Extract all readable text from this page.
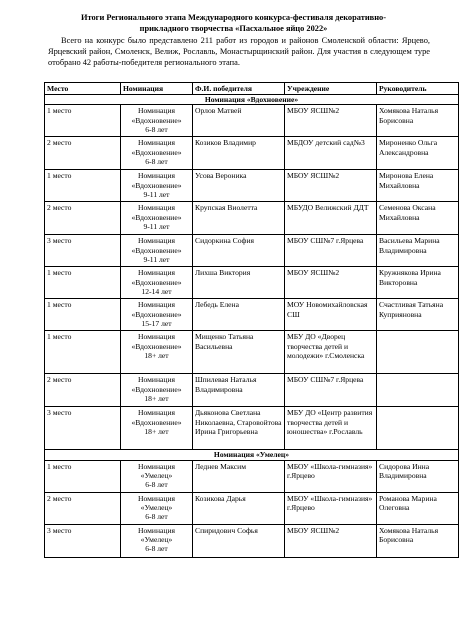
Итоги Регионального этапа Международного конкурса-фестиваля декоративно-
прикладного творчества «Пасхальное яйцо 2022»
Всего на конкурс было представлено 211 работ из городов и районов Смоленской области: Ярцево, Ярцевский район, Смоленск, Велиж, Рославль, Монастырщинский район. Для участия в следующем туре отобрано 42 работы-победителя регионального этапа.
Место	Номинация	Ф.И. победителя	Учреждение	Руководитель
Номинация «Вдохновение»				
1 место	Номинация
«Вдохновение»
6-8 лет	Орлов Матвей	МБОУ ЯСШ№2	Хомякова Наталья Борисовна
2 место	Номинация
«Вдохновение»
6-8 лет	Козиков Владимир	МБДОУ детский сад№3	Мироненко Ольга Александровна
1 место	Номинация
«Вдохновение»
9-11 лет	Усова Вероника	МБОУ ЯСШ№2	Миронова Елена Михайловна
2 место	Номинация
«Вдохновение»
9-11 лет	Крупская Виолетта	МБУДО Велижский ДДТ	Семенова Оксана Михайловна
3 место	Номинация
«Вдохновение»
9-11 лет	Сидоркина София	МБОУ СШ№7 г.Ярцева	Васильева Марина Владимировна
1 место	Номинация
«Вдохновение»
12-14 лет	Лихша Виктория	МБОУ ЯСШ№2	Кружнякова Ирина Викторовна
1 место	Номинация
«Вдохновение»
15-17 лет	Лебедь Елена	МОУ Новомихайловская СШ	Счастливая Татьяна Куприяновна
1 место	Номинация
«Вдохновение»
18+ лет	Мищенко Татьяна Васильевна	МБУ ДО «Дворец творчества детей и молодежи» г.Смоленска	
2 место	Номинация
«Вдохновение»
18+ лет	Шпилевая Наталья Владимировна	МБОУ СШ№7 г.Ярцева	
3 место	Номинация
«Вдохновение»
18+ лет	Дьяконова Светлана Николаевна, Старовойтова Ирина Григорьевна	МБУ ДО «Центр развития творчества детей и юношества» г.Рославль	
Номинация «Умелец»				
1 место	Номинация
«Умелец»
6-8 лет	Леднев Максим	МБОУ «Школа-гимназия» г.Ярцево	Сидорова Инна Владимировна
2 место	Номинация
«Умелец»
6-8 лет	Козикова Дарья	МБОУ «Школа-гимназия» г.Ярцево	Романова Марина Олеговна
3 место	Номинация
«Умелец»
6-8 лет	Спиридович Софья	МБОУ ЯСШ№2	Хомякова Наталья Борисовна
